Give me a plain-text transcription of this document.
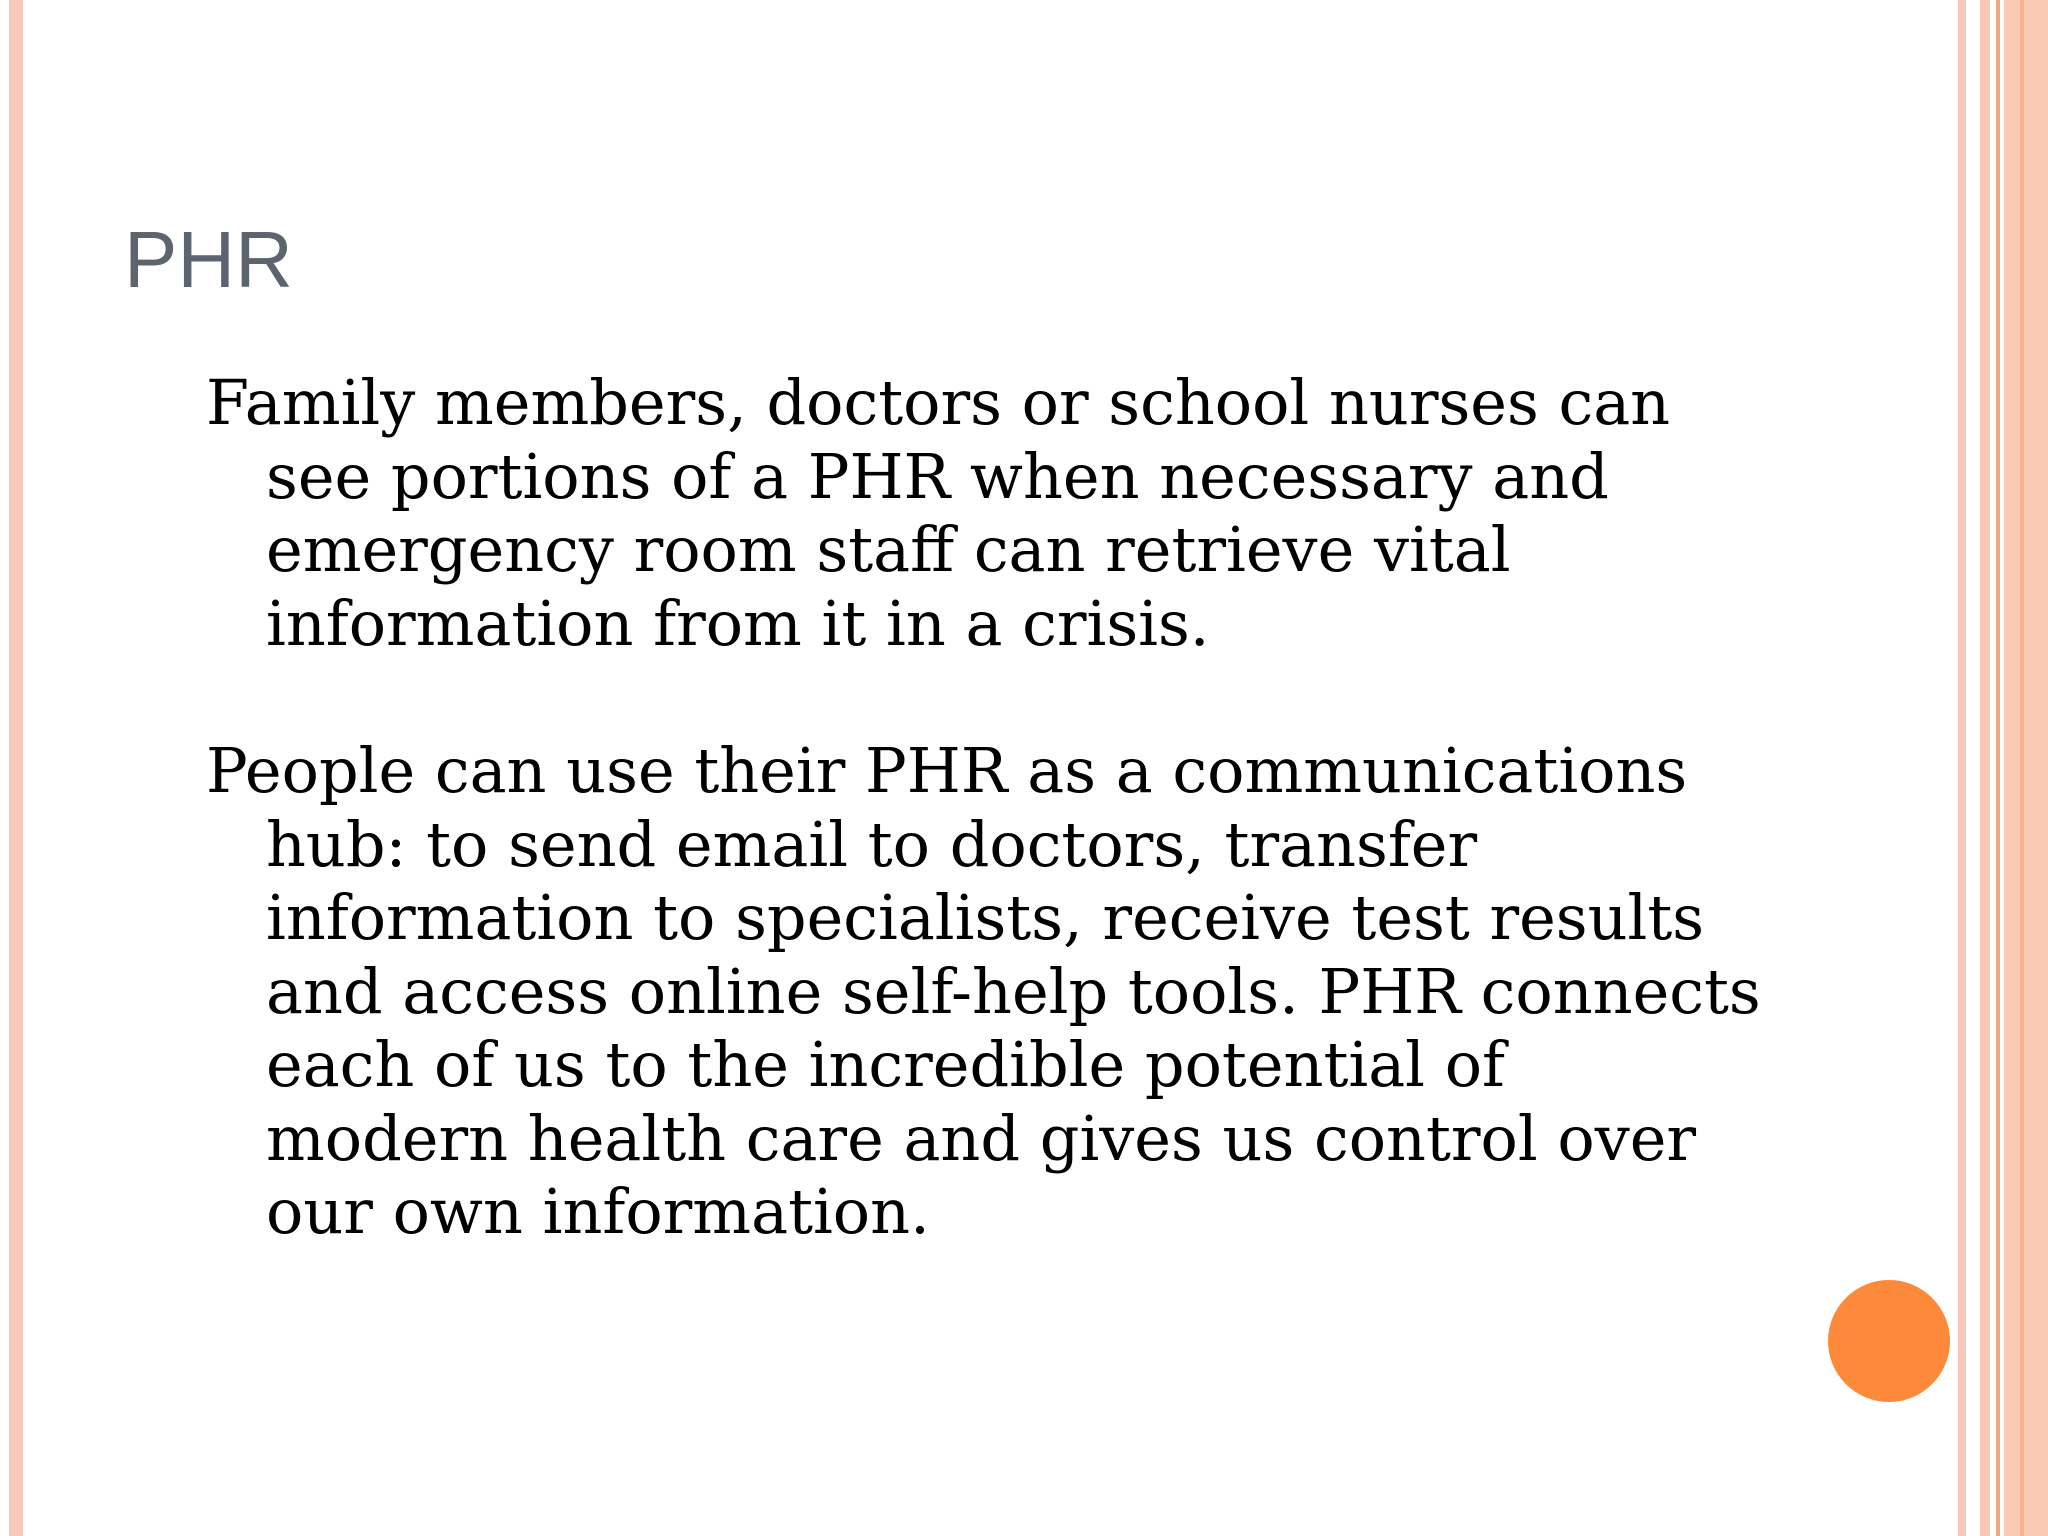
PHR

Family members, doctors or school nurses can see portions of a PHR when necessary and emergency room staff can retrieve vital information from it in a crisis.

People can use their PHR as a communications hub: to send email to doctors, transfer information to specialists, receive test results and access online self-help tools. PHR connects each of us to the incredible potential of modern health care and gives us control over our own information.
